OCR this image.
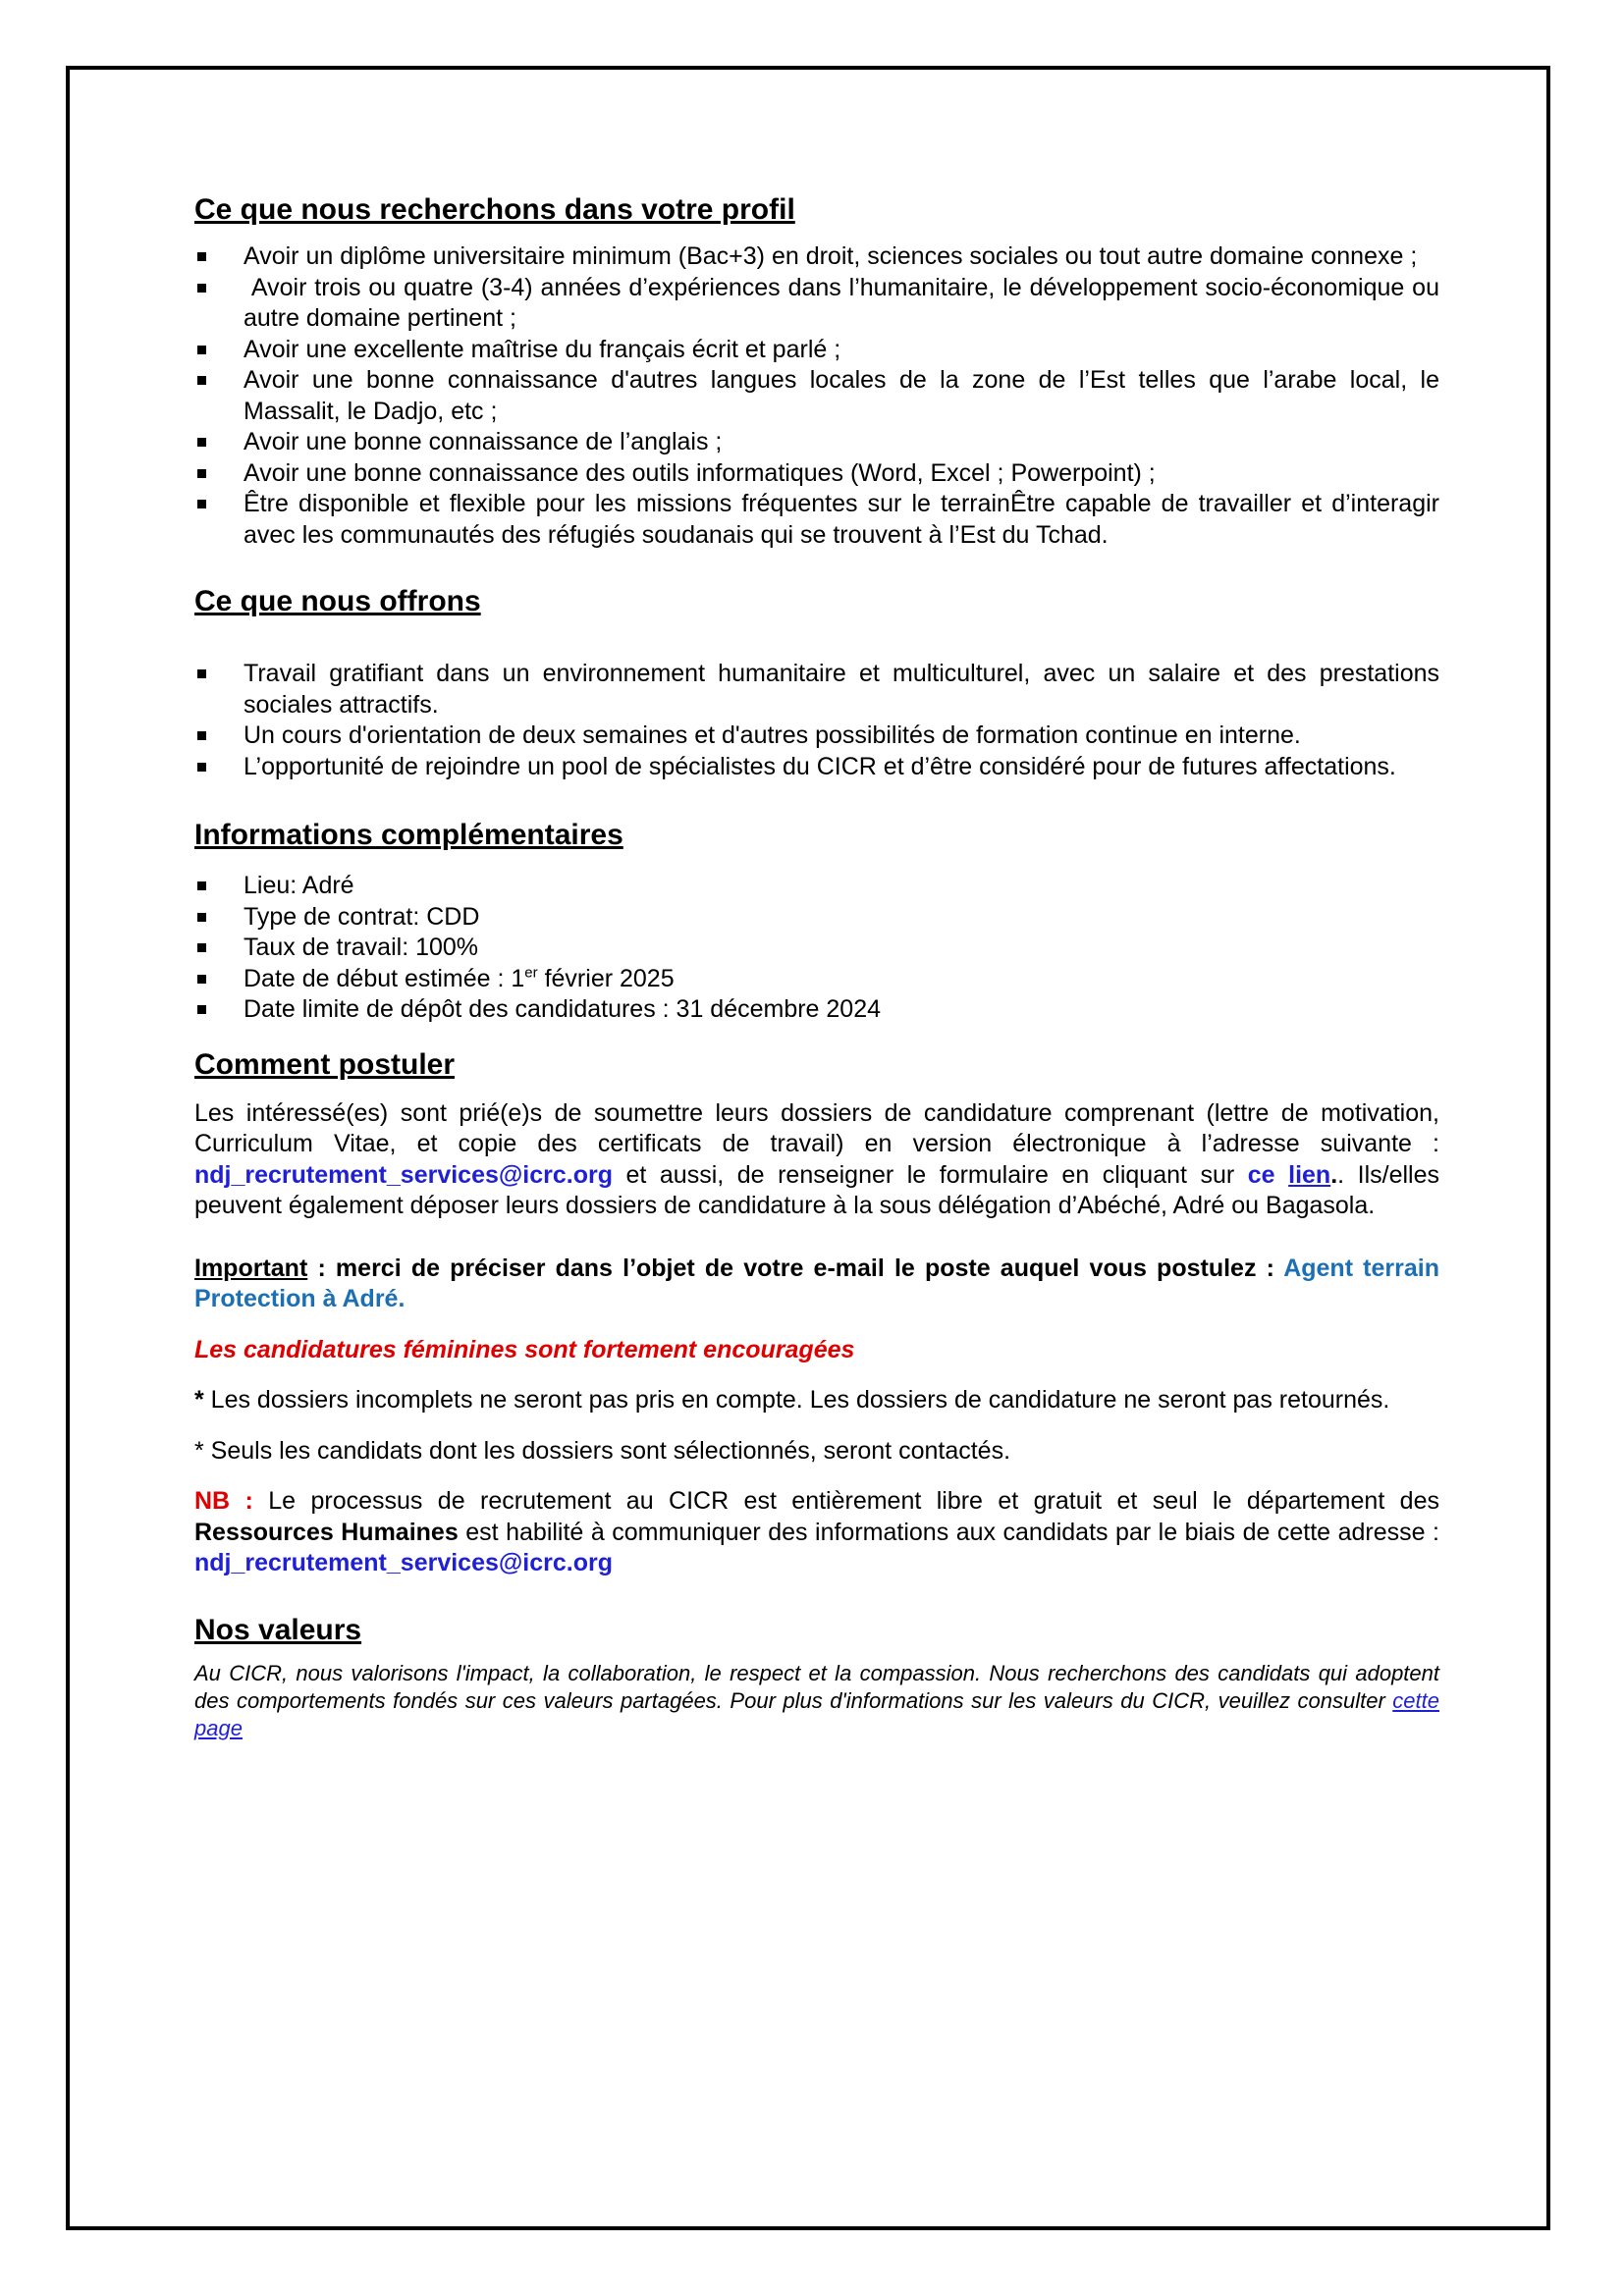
Ce que nous recherchons dans votre profil
Avoir un diplôme universitaire minimum (Bac+3) en droit, sciences sociales ou tout autre domaine connexe ;
Avoir trois ou quatre (3-4) années d’expériences dans l’humanitaire, le développement socio-économique ou autre domaine pertinent ;
Avoir une excellente maîtrise du français écrit et parlé ;
Avoir une bonne connaissance d'autres langues locales de la zone de l’Est telles que l’arabe local, le Massalit, le Dadjo, etc ;
Avoir une bonne connaissance de l’anglais ;
Avoir une bonne connaissance des outils informatiques (Word, Excel ; Powerpoint) ;
Être disponible et flexible pour les missions fréquentes sur le terrainÊtre capable de travailler et d’interagir avec les communautés des réfugiés soudanais qui se trouvent à l’Est du Tchad.
Ce que nous offrons
Travail gratifiant dans un environnement humanitaire et multiculturel, avec un salaire et des prestations sociales attractifs.
Un cours d'orientation de deux semaines et d'autres possibilités de formation continue en interne.
L’opportunité de rejoindre un pool de spécialistes du CICR et d’être considéré pour de futures affectations.
Informations complémentaires
Lieu: Adré
Type de contrat: CDD
Taux de travail: 100%
Date de début estimée : 1er février 2025
Date limite de dépôt des candidatures : 31 décembre 2024
Comment postuler

Les intéressé(es) sont prié(e)s de soumettre leurs dossiers de candidature comprenant (lettre de motivation, Curriculum Vitae, et copie des certificats de travail) en version électronique à l’adresse suivante : ndj_recrutement_services@icrc.org et aussi, de renseigner le formulaire en cliquant sur ce lien.. Ils/elles peuvent également déposer leurs dossiers de candidature à la sous délégation d’Abéché, Adré ou Bagasola.

Important : merci de préciser dans l’objet de votre e-mail le poste auquel vous postulez : Agent terrain Protection à Adré.

Les candidatures féminines sont fortement encouragées

* Les dossiers incomplets ne seront pas pris en compte. Les dossiers de candidature ne seront pas retournés.

* Seuls les candidats dont les dossiers sont sélectionnés, seront contactés.

NB : Le processus de recrutement au CICR est entièrement libre et gratuit et seul le département des Ressources Humaines est habilité à communiquer des informations aux candidats par le biais de cette adresse : ndj_recrutement_services@icrc.org

Nos valeurs

Au CICR, nous valorisons l'impact, la collaboration, le respect et la compassion. Nous recherchons des candidats qui adoptent des comportements fondés sur ces valeurs partagées. Pour plus d'informations sur les valeurs du CICR, veuillez consulter cette page
